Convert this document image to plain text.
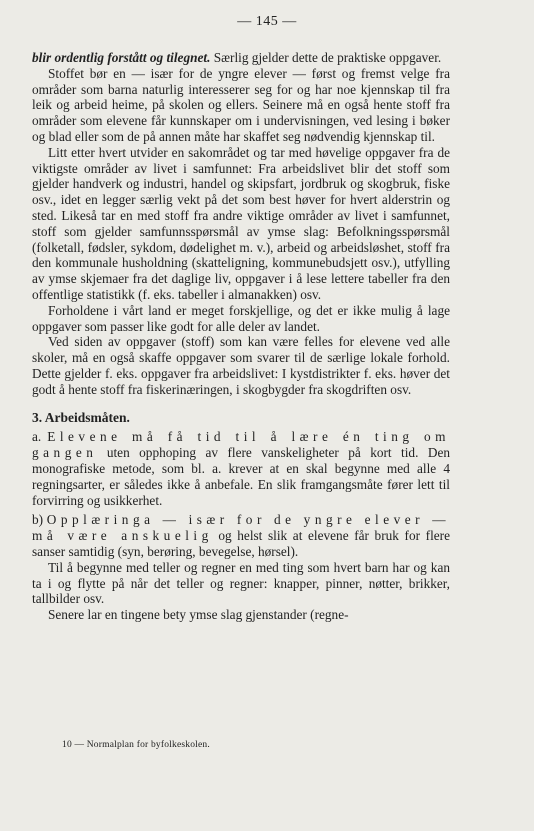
— 145 —

blir ordentlig forstått og tilegnet. Særlig gjelder dette de praktiske oppgaver.

Stoffet bør en — især for de yngre elever — først og fremst velge fra områder som barna naturlig interesserer seg for og har noe kjennskap til fra leik og arbeid heime, på skolen og ellers. Seinere må en også hente stoff fra områder som elevene får kunnskaper om i undervisningen, ved lesing i bøker og blad eller som de på annen måte har skaffet seg nødvendig kjennskap til.

Litt etter hvert utvider en sakområdet og tar med høvelige oppgaver fra de viktigste områder av livet i samfunnet: Fra arbeidslivet blir det stoff som gjelder handverk og industri, handel og skipsfart, jordbruk og skogbruk, fiske osv., idet en legger særlig vekt på det som best høver for hvert alderstrin og sted. Likeså tar en med stoff fra andre viktige områder av livet i samfunnet, stoff som gjelder samfunnsspørsmål av ymse slag: Befolkningsspørsmål (folketall, fødsler, sykdom, dødelighet m. v.), arbeid og arbeidsløshet, stoff fra den kommunale husholdning (skatteligning, kommunebudsjett osv.), utfylling av ymse skjemaer fra det daglige liv, oppgaver i å lese lettere tabeller fra den offentlige statistikk (f. eks. tabeller i almanakken) osv.

Forholdene i vårt land er meget forskjellige, og det er ikke mulig å lage oppgaver som passer like godt for alle deler av landet.

Ved siden av oppgaver (stoff) som kan være felles for elevene ved alle skoler, må en også skaffe oppgaver som svarer til de særlige lokale forhold. Dette gjelder f. eks. oppgaver fra arbeidslivet: I kystdistrikter f. eks. høver det godt å hente stoff fra fiskerinæringen, i skogbygder fra skogdriften osv.

3. Arbeidsmåten.

a. Elevene må få tid til å lære én ting om gangen uten opphoping av flere vanskeligheter på kort tid. Den monografiske metode, som bl. a. krever at en skal begynne med alle 4 regningsarter, er således ikke å anbefale. En slik framgangsmåte fører lett til forvirring og usikkerhet.

b) Opplæringa — især for de yngre elever — må være anskuelig og helst slik at elevene får bruk for flere sanser samtidig (syn, berøring, bevegelse, hørsel).

Til å begynne med teller og regner en med ting som hvert barn har og kan ta i og flytte på når det teller og regner: knapper, pinner, nøtter, brikker, tallbilder osv.

Senere lar en tingene bety ymse slag gjenstander (regne-

10 — Normalplan for byfolkeskolen.
